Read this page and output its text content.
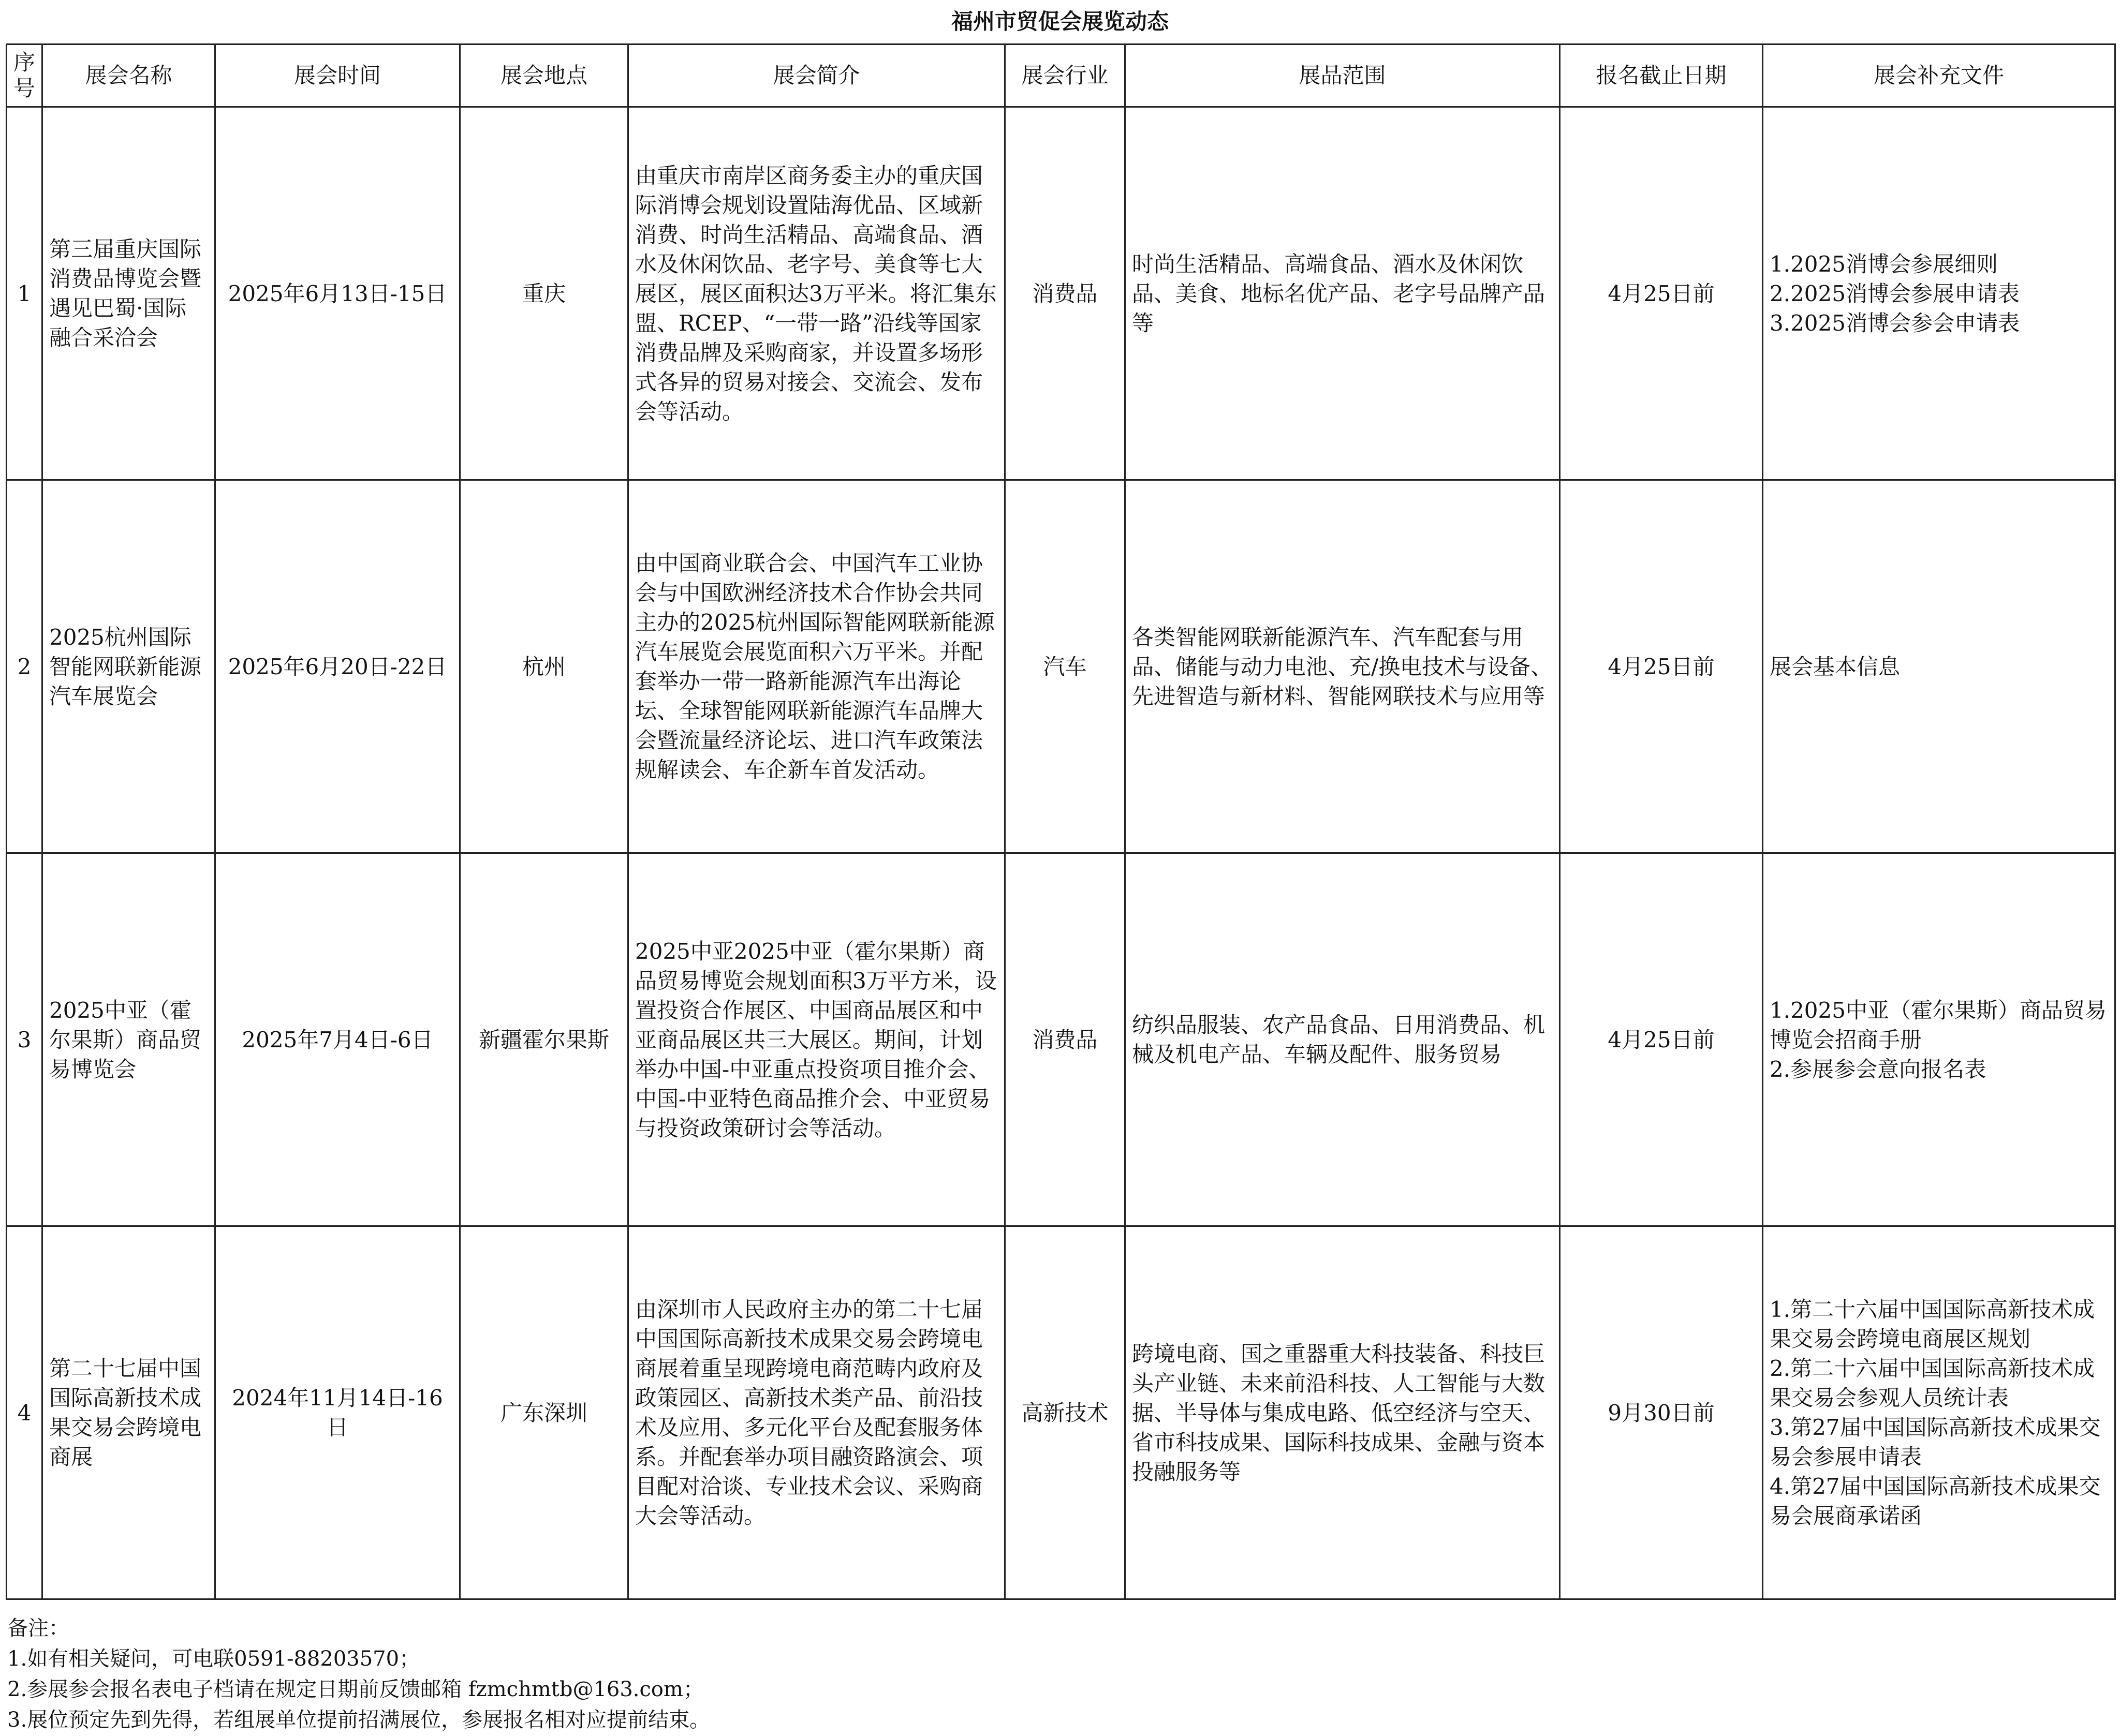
福州市贸促会展览动态
序号	展会名称	展会时间	展会地点	展会简介	展会行业	展品范围	报名截止日期	展会补充文件
1	第三届重庆国际消费品博览会暨遇见巴蜀·国际融合采洽会	2025年6月13日-15日	重庆	由重庆市南岸区商务委主办的重庆国际消博会规划设置陆海优品、区域新消费、时尚生活精品、高端食品、酒水及休闲饮品、老字号、美食等七大展区，展区面积达3万平米。将汇集东盟、RCEP、“一带一路”沿线等国家消费品牌及采购商家，并设置多场形式各异的贸易对接会、交流会、发布会等活动。	消费品	时尚生活精品、高端食品、酒水及休闲饮品、美食、地标名优产品、老字号品牌产品等	4月25日前	1.2025消博会参展细则
2.2025消博会参展申请表
3.2025消博会参会申请表

2	2025杭州国际智能网联新能源汽车展览会	2025年6月20日-22日	杭州	由中国商业联合会、中国汽车工业协会与中国欧洲经济技术合作协会共同主办的2025杭州国际智能网联新能源汽车展览会展览面积六万平米。并配套举办一带一路新能源汽车出海论坛、全球智能网联新能源汽车品牌大会暨流量经济论坛、进口汽车政策法规解读会、车企新车首发活动。	汽车	各类智能网联新能源汽车、汽车配套与用品、储能与动力电池、充/换电技术与设备、先进智造与新材料、智能网联技术与应用等	4月25日前	展会基本信息

3	2025中亚（霍尔果斯）商品贸易博览会	2025年7月4日-6日	新疆霍尔果斯	2025中亚2025中亚（霍尔果斯）商品贸易博览会规划面积3万平方米，设置投资合作展区、中国商品展区和中亚商品展区共三大展区。期间，计划举办中国-中亚重点投资项目推介会、中国-中亚特色商品推介会、中亚贸易与投资政策研讨会等活动。	消费品	纺织品服装、农产品食品、日用消费品、机械及机电产品、车辆及配件、服务贸易	4月25日前	1.2025中亚（霍尔果斯）商品贸易博览会招商手册
2.参展参会意向报名表

4	第二十七届中国国际高新技术成果交易会跨境电商展	2024年11月14日-16日	广东深圳	由深圳市人民政府主办的第二十七届中国国际高新技术成果交易会跨境电商展着重呈现跨境电商范畴内政府及政策园区、高新技术类产品、前沿技术及应用、多元化平台及配套服务体系。并配套举办项目融资路演会、项目配对洽谈、专业技术会议、采购商大会等活动。	高新技术	跨境电商、国之重器重大科技装备、科技巨头产业链、未来前沿科技、人工智能与大数据、半导体与集成电路、低空经济与空天、省市科技成果、国际科技成果、金融与资本投融服务等	9月30日前	1.第二十六届中国国际高新技术成果交易会跨境电商展区规划
2.第二十六届中国国际高新技术成果交易会参观人员统计表
3.第27届中国国际高新技术成果交易会参展申请表
4.第27届中国国际高新技术成果交易会展商承诺函
备注：
1.如有相关疑问，可电联0591-88203570；
2.参展参会报名表电子档请在规定日期前反馈邮箱 fzmchmtb@163.com；
3.展位预定先到先得，若组展单位提前招满展位，参展报名相对应提前结束。
